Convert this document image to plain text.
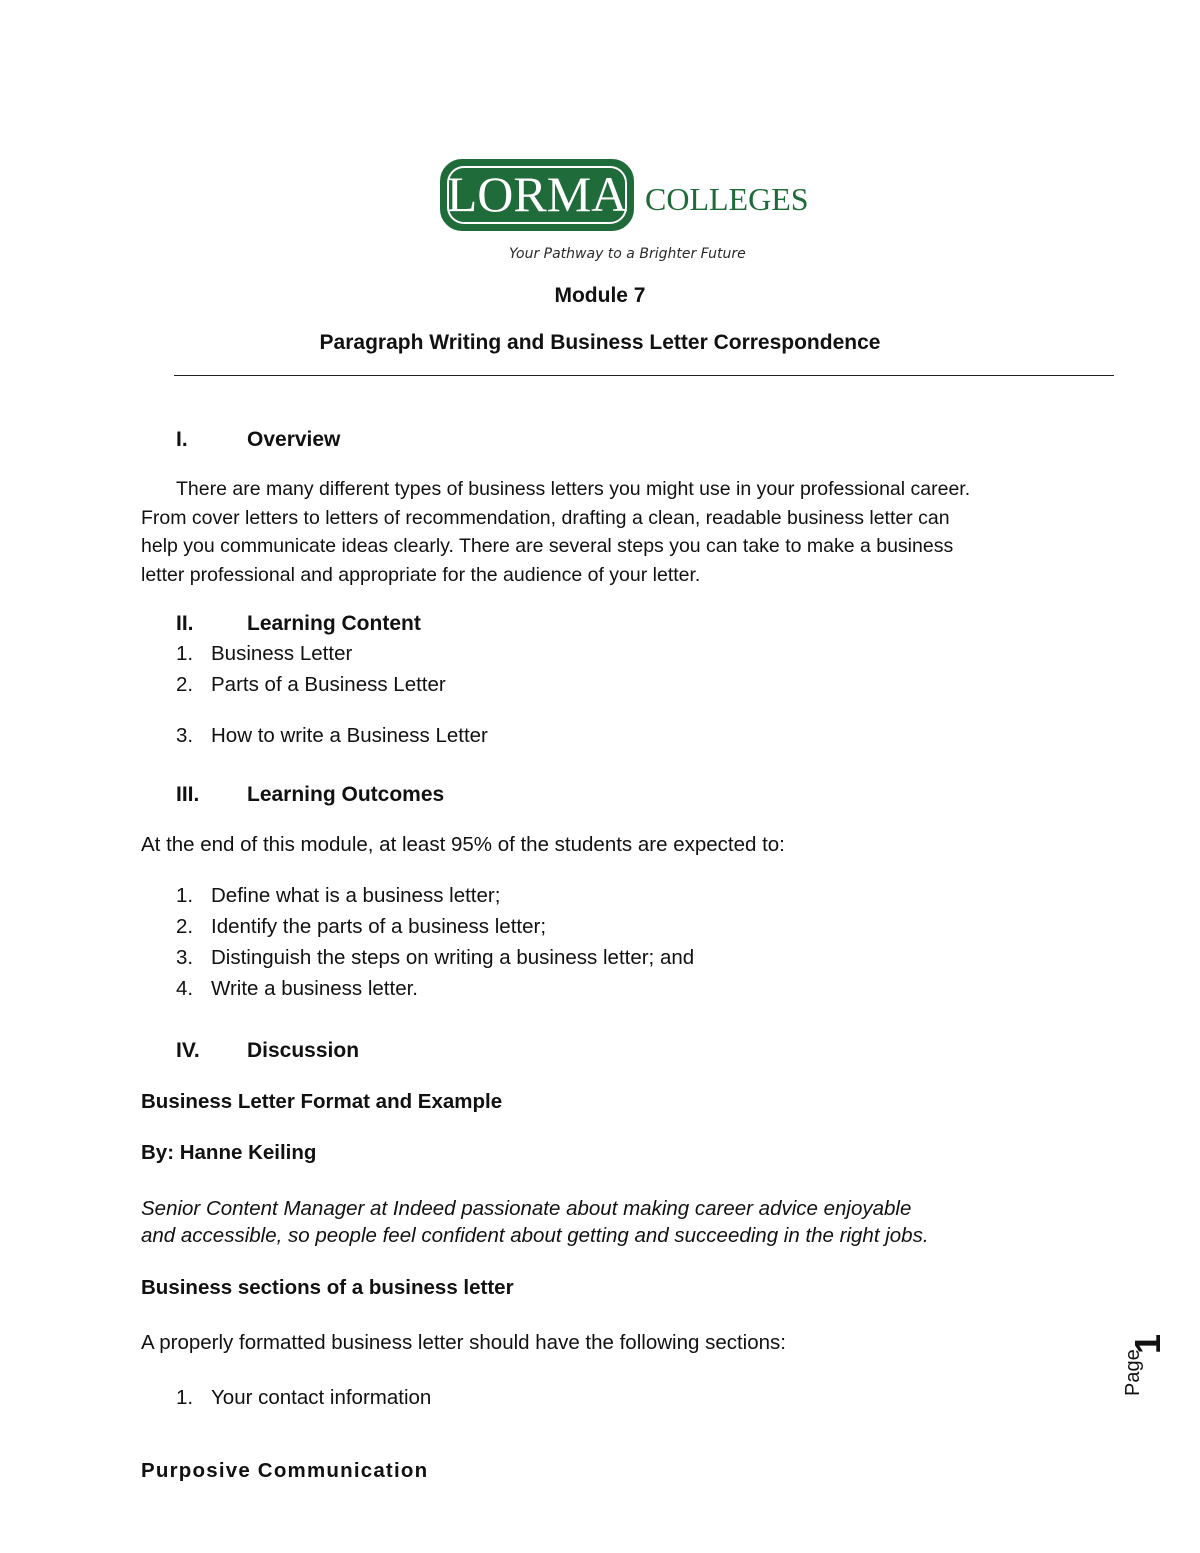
LORMA COLLEGES
Your Pathway to a Brighter Future
Module 7
Paragraph Writing and Business Letter Correspondence
I.	Overview
There are many different types of business letters you might use in your professional career.
From cover letters to letters of recommendation, drafting a clean, readable business letter can
help you communicate ideas clearly. There are several steps you can take to make a business
letter professional and appropriate for the audience of your letter.
II.	Learning Content
1. Business Letter
2. Parts of a Business Letter
3. How to write a Business Letter
III. Learning Outcomes
At the end of this module, at least 95% of the students are expected to:
1. Define what is a business letter;
2. Identify the parts of a business letter;
3. Distinguish the steps on writing a business letter; and
4. Write a business letter.
IV. Discussion
Business Letter Format and Example
By: Hanne Keiling
Senior Content Manager at Indeed passionate about making career advice enjoyable
and accessible, so people feel confident about getting and succeeding in the right jobs.
Business sections of a business letter
A properly formatted business letter should have the following sections:
1. Your contact information
Page
1
Purposive Communication
